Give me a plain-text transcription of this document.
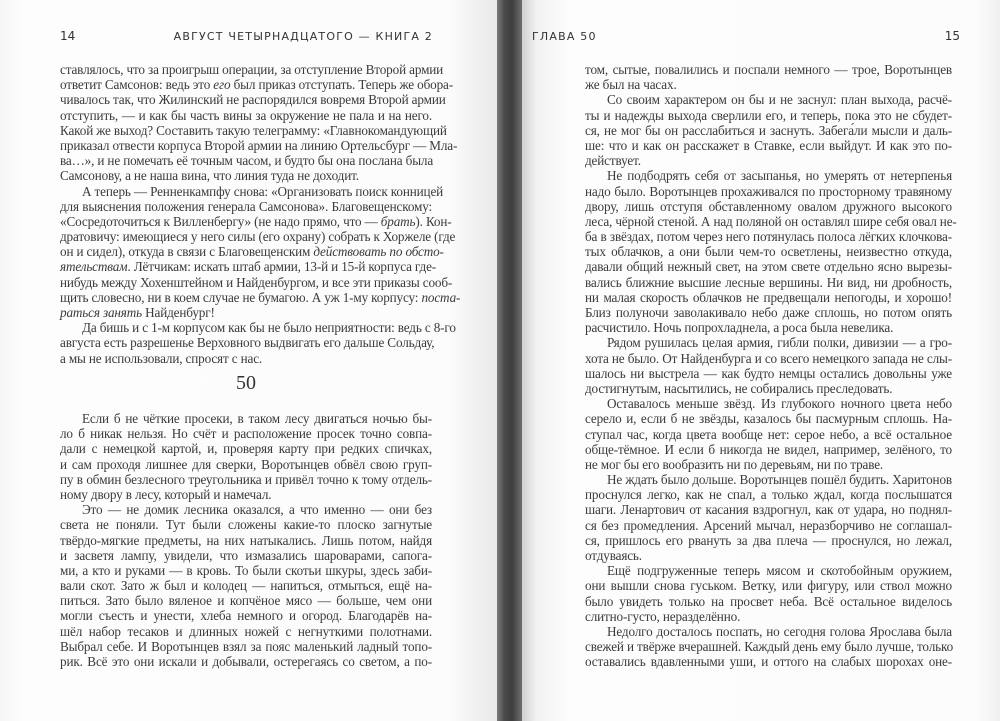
14	АВГУСТ ЧЕТЫРНАДЦАТОГО — КНИГА 2
ставлялось, что за проигрыш операции, за отступление Второй армии
ответит Самсонов: ведь это его был приказ отступать. Теперь же обора-
чивалось так, что Жилинский не распорядился вовремя Второй армии
отступить, — и как бы часть вины за окружение не пала и на него.
Какой же выход? Составить такую телеграмму: «Главнокомандующий
приказал отвести корпуса Второй армии на линию Ортельсбург — Мла-
ва…», и не помечать её точным часом, и будто бы она послана была
Самсонову, а не наша вина, что линия туда не доходит.
А теперь — Ренненкампфу снова: «Организовать поиск конницей
для выяснения положения генерала Самсонова». Благовещенскому:
«Сосредоточиться к Вилленбергу» (не надо прямо, что — брать). Кон-
дратовичу: имеющиеся у него силы (его охрану) собрать к Хоржеле (где
он и сидел), откуда в связи с Благовещенским действовать по обсто-
ятельствам. Лётчикам: искать штаб армии, 13-й и 15-й корпуса где-
нибудь между Хохенштейном и Найденбургом, и все эти приказы сооб-
щить словесно, ни в коем случае не бумагою. А уж 1-му корпусу: поста-
раться занять Найденбург!
Да бишь и с 1-м корпусом как бы не было неприятности: ведь с 8-го
августа есть разрешенье Верховного выдвигать его дальше Сольдау,
а мы не использовали, спросят с нас.
50
Если б не чёткие просеки, в таком лесу двигаться ночью бы-
ло б никак нельзя. Но счёт и расположение просек точно совпа-
дали с немецкой картой, и, проверяя карту при редких спичках,
и сам проходя лишнее для сверки, Воротынцев обвёл свою груп-
пу в обмин безлесного треугольника и привёл точно к тому отдель-
ному двору в лесу, который и намечал.
Это — не домик лесника оказался, а что именно — они без
света не поняли. Тут были сложены какие-то плоско загнутые
твёрдо-мягкие предметы, на них натыкались. Лишь потом, найдя
и засветя лампу, увидели, что измазались шароварами, сапога-
ми, а кто и руками — в кровь. То были скотьи шкуры, здесь заби-
вали скот. Зато ж был и колодец — напиться, отмыться, ещё на-
питься. Зато было вяленое и копчёное мясо — больше, чем они
могли съесть и унести, хлеба немного и огород. Благодарёв на-
шёл набор тесаков и длинных ножей с негнуткими полотнами.
Выбрал себе. И Воротынцев взял за пояс маленький ладный топо-
рик. Всё это они искали и добывали, остерегаясь со светом, а по-
ГЛАВА 50	15
том, сытые, повалились и поспали немного — трое, Воротынцев
же был на часах.
Со своим характером он бы и не заснул: план выхода, расчё-
ты и надежды выхода сверлили его, и теперь, пока это не сбудет-
ся, не мог бы он расслабиться и заснуть. Забега́ли мысли и даль-
ше: что и как он расскажет в Ставке, если выйдут. И как это по-
действует.
Не подбодрять себя от засыпанья, но умерять от нетерпенья
надо было. Воротынцев прохаживался по просторному травяному
двору, лишь отступя обставленному овалом дружного высокого
леса, чёрной стеной. А над поляной он оставлял шире себя овал не-
ба в звёздах, потом через него потянулась полоса лёгких клочкова-
тых облачков, а они были чем-то осветлены, неизвестно откуда,
давали общий нежный свет, на этом свете отдельно ясно вырезы-
вались ближние высшие лесные вершины. Ни вид, ни дробность,
ни малая скорость облачков не предвещали непогоды, и хорошо!
Близ полуночи заволакивало небо даже сплошь, но потом опять
расчистило. Ночь попрохладнела, а роса была невелика.
Рядом рушилась целая армия, гибли полки, дивизии — а гро-
хота не было. От Найденбурга и со всего немецкого запада не слы-
шалось ни выстрела — как будто немцы остались довольны уже
достигнутым, насытились, не собирались преследовать.
Оставалось меньше звёзд. Из глубокого ночного цвета небо
серело и, если б не звёзды, казалось бы пасмурным сплошь. На-
ступал час, когда цвета вообще нет: серое небо, а всё остальное
обще-тёмное. И если б никогда не видел, например, зелёного, то
не мог бы его вообразить ни по деревьям, ни по траве.
Не ждать было дольше. Воротынцев пошёл будить. Харитонов
проснулся легко, как не спал, а только ждал, когда послышатся
шаги. Ленартович от касания вздрогнул, как от удара, но поднял-
ся без промедления. Арсений мычал, неразборчиво не соглашал-
ся, пришлось его рвануть за два плеча — проснулся, но лежал,
отдуваясь.
Ещё подгруженные теперь мясом и скотобойным оружием,
они вышли снова гуськом. Ветку, или фигуру, или ствол можно
было увидеть только на просвет неба. Всё остальное виделось
слитно-густо, неразделённо.
Недолго досталось поспать, но сегодня голова Ярослава была
свежей и твёрже вчерашней. Каждый день ему было лучше, только
оставались вдавленными уши, и оттого на слабых шорохах оне-
